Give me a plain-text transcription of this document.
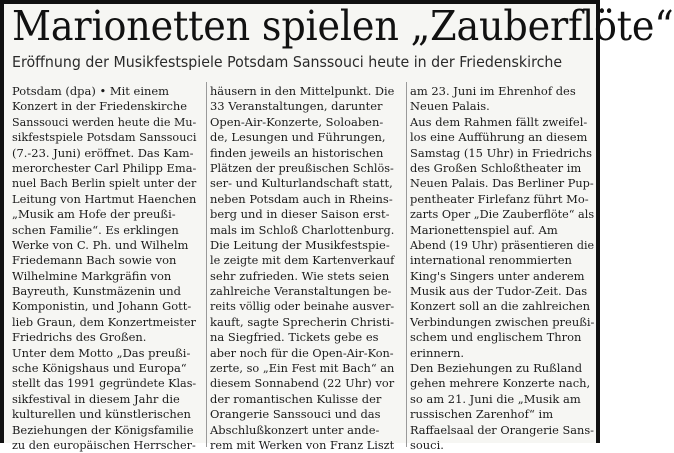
Marionetten spielen „Zauberflöte“
Eröffnung der Musikfestspiele Potsdam Sanssouci heute in der Friedenskirche
Potsdam (dpa) • Mit einem
Konzert in der Friedenskirche
Sanssouci werden heute die Mu-
sikfestspiele Potsdam Sanssouci
(7.-23. Juni) eröffnet. Das Kam-
merorchester Carl Philipp Ema-
nuel Bach Berlin spielt unter der
Leitung von Hartmut Haenchen
„Musik am Hofe der preußi-
schen Familie“. Es erklingen
Werke von C. Ph. und Wilhelm
Friedemann Bach sowie von
Wilhelmine Markgräfin von
Bayreuth, Kunstmäzenin und
Komponistin, und Johann Gott-
lieb Graun, dem Konzertmeister
Friedrichs des Großen.
Unter dem Motto „Das preußi-
sche Königshaus und Europa“
stellt das 1991 gegründete Klas-
sikfestival in diesem Jahr die
kulturellen und künstlerischen
Beziehungen der Königsfamilie
zu den europäischen Herrscher-
häusern in den Mittelpunkt. Die
33 Veranstaltungen, darunter
Open-Air-Konzerte, Soloaben-
de, Lesungen und Führungen,
finden jeweils an historischen
Plätzen der preußischen Schlös-
ser- und Kulturlandschaft statt,
neben Potsdam auch in Rheins-
berg und in dieser Saison erst-
mals im Schloß Charlottenburg.
Die Leitung der Musikfestspie-
le zeigte mit dem Kartenverkauf
sehr zufrieden. Wie stets seien
zahlreiche Veranstaltungen be-
reits völlig oder beinahe ausver-
kauft, sagte Sprecherin Christi-
na Siegfried. Tickets gebe es
aber noch für die Open-Air-Kon-
zerte, so „Ein Fest mit Bach“ an
diesem Sonnabend (22 Uhr) vor
der romantischen Kulisse der
Orangerie Sanssouci und das
Abschlußkonzert unter ande-
rem mit Werken von Franz Liszt
am 23. Juni im Ehrenhof des
Neuen Palais.
Aus dem Rahmen fällt zweifel-
los eine Aufführung an diesem
Samstag (15 Uhr) in Friedrichs
des Großen Schloßtheater im
Neuen Palais. Das Berliner Pup-
pentheater Firlefanz führt Mo-
zarts Oper „Die Zauberflöte“ als
Marionettenspiel auf. Am
Abend (19 Uhr) präsentieren die
international renommierten
King's Singers unter anderem
Musik aus der Tudor-Zeit. Das
Konzert soll an die zahlreichen
Verbindungen zwischen preußi-
schem und englischem Thron
erinnern.
Den Beziehungen zu Rußland
gehen mehrere Konzerte nach,
so am 21. Juni die „Musik am
russischen Zarenhof“ im
Raffaelsaal der Orangerie Sans-
souci.
